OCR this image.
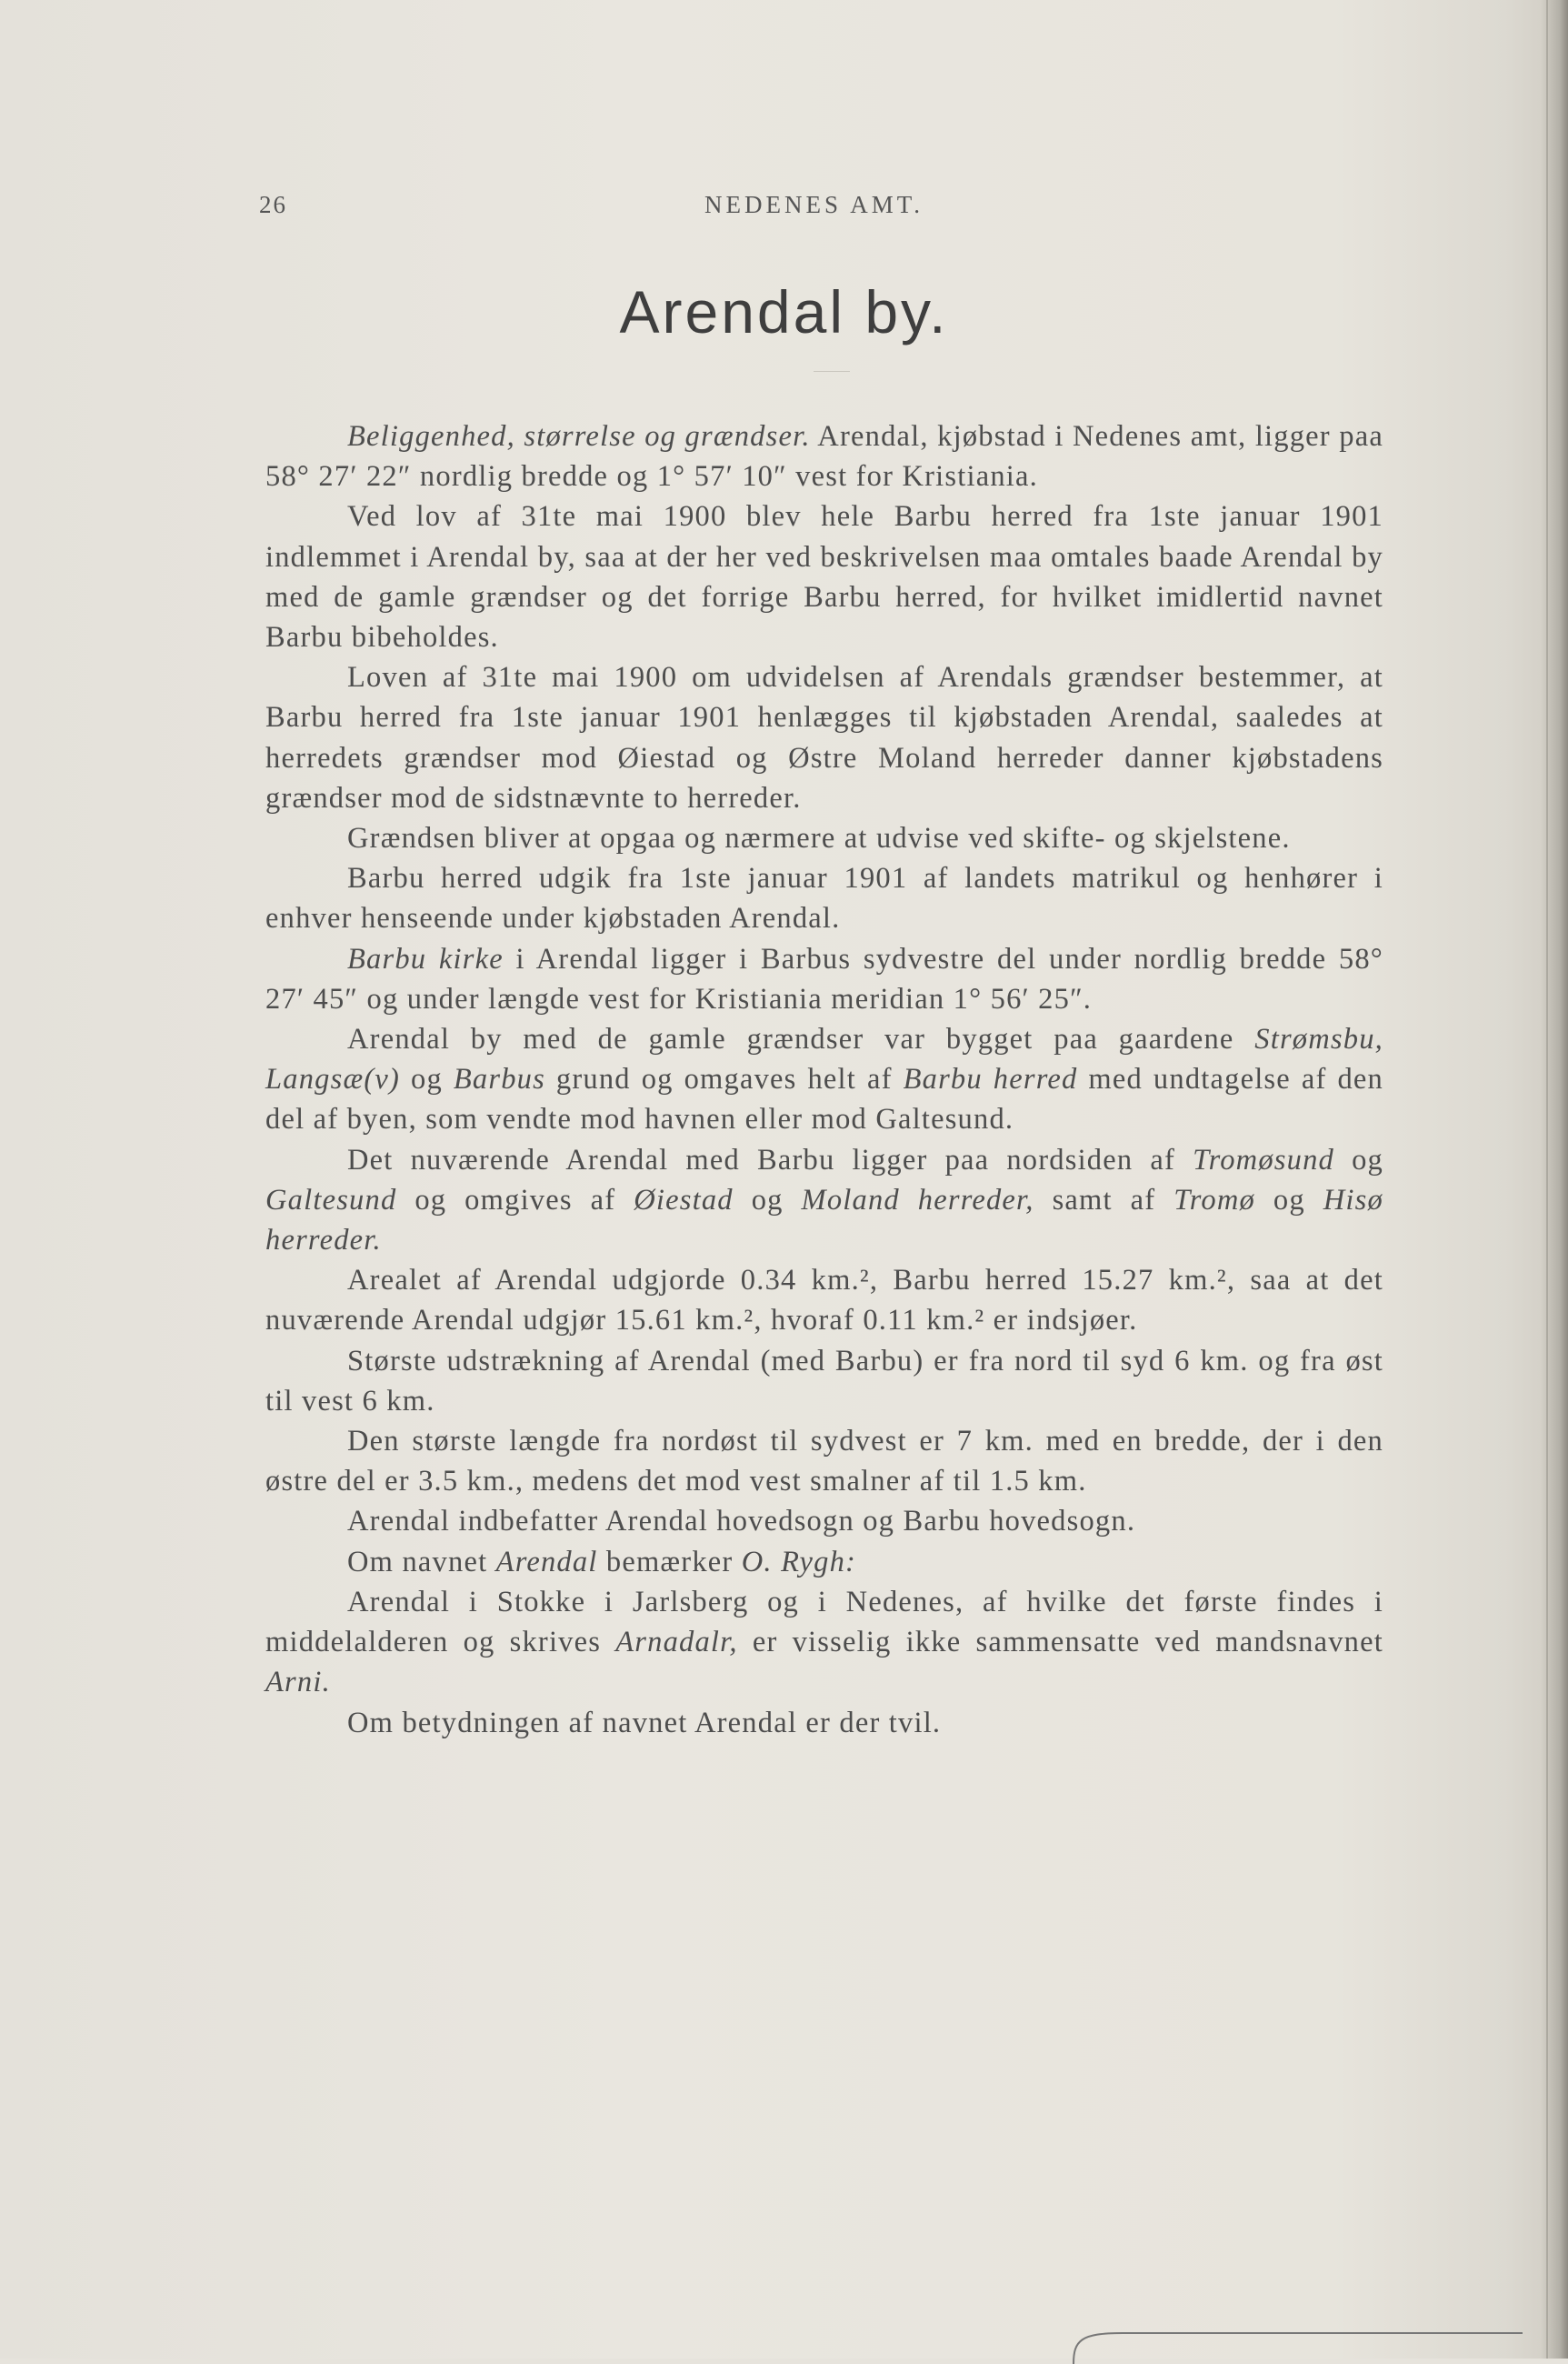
26	NEDENES AMT.
Arendal by.

Beliggenhed, størrelse og grændser. Arendal, kjøbstad i Nedenes amt, ligger paa 58° 27′ 22″ nordlig bredde og 1° 57′ 10″ vest for Kristiania.

Ved lov af 31te mai 1900 blev hele Barbu herred fra 1ste januar 1901 indlemmet i Arendal by, saa at der her ved beskrivelsen maa omtales baade Arendal by med de gamle grændser og det forrige Barbu herred, for hvilket imidlertid navnet Barbu bibeholdes.

Loven af 31te mai 1900 om udvidelsen af Arendals grændser bestemmer, at Barbu herred fra 1ste januar 1901 henlægges til kjøbstaden Arendal, saaledes at herredets grændser mod Øiestad og Østre Moland herreder danner kjøbstadens grændser mod de sidstnævnte to herreder.

Grændsen bliver at opgaa og nærmere at udvise ved skifte- og skjelstene.

Barbu herred udgik fra 1ste januar 1901 af landets matrikul og henhører i enhver henseende under kjøbstaden Arendal.

Barbu kirke i Arendal ligger i Barbus sydvestre del under nordlig bredde 58° 27′ 45″ og under længde vest for Kristiania meridian 1° 56′ 25″.

Arendal by med de gamle grændser var bygget paa gaardene Strømsbu, Langsæ(v) og Barbus grund og omgaves helt af Barbu herred med undtagelse af den del af byen, som vendte mod havnen eller mod Galtesund.

Det nuværende Arendal med Barbu ligger paa nordsiden af Tromøsund og Galtesund og omgives af Øiestad og Moland herreder, samt af Tromø og Hisø herreder.

Arealet af Arendal udgjorde 0.34 km.², Barbu herred 15.27 km.², saa at det nuværende Arendal udgjør 15.61 km.², hvoraf 0.11 km.² er indsjøer.

Største udstrækning af Arendal (med Barbu) er fra nord til syd 6 km. og fra øst til vest 6 km.

Den største længde fra nordøst til sydvest er 7 km. med en bredde, der i den østre del er 3.5 km., medens det mod vest smalner af til 1.5 km.

Arendal indbefatter Arendal hovedsogn og Barbu hovedsogn.

Om navnet Arendal bemærker O. Rygh:

Arendal i Stokke i Jarlsberg og i Nedenes, af hvilke det første findes i middelalderen og skrives Arnadalr, er visselig ikke sammensatte ved mandsnavnet Arni.

Om betydningen af navnet Arendal er der tvil.
